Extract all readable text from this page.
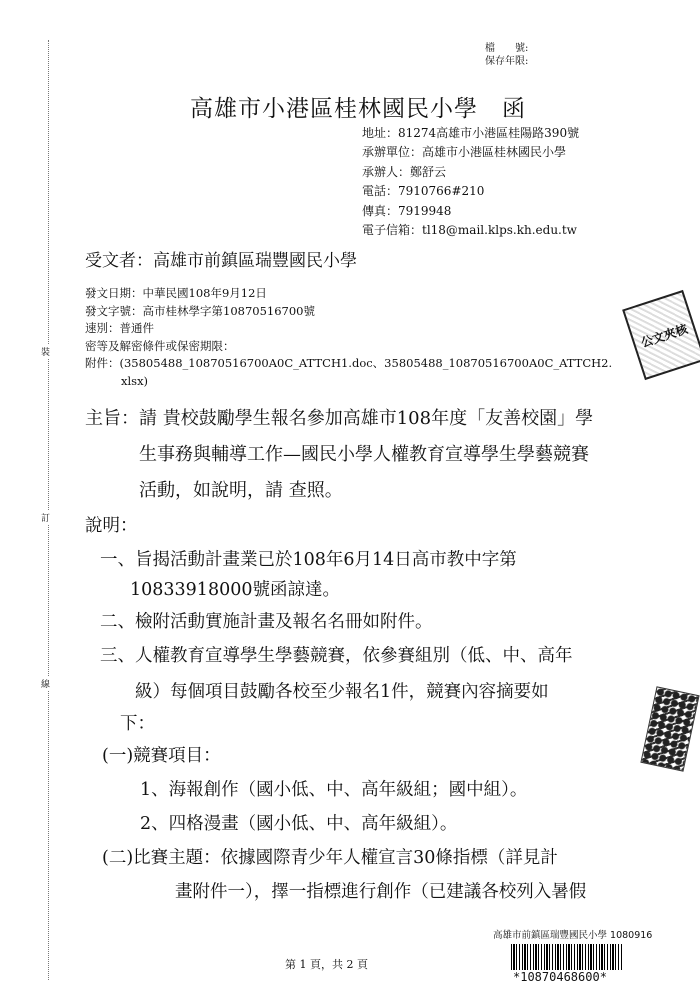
裝
訂
線
檔　　號:
保存年限:
高雄市小港區桂林國民小學　函
地址：81274高雄市小港區桂陽路390號
承辦單位：高雄市小港區桂林國民小學
承辦人：鄭舒云
電話：7910766#210
傳真：7919948
電子信箱：tl18@mail.klps.kh.edu.tw
受文者：高雄市前鎮區瑞豐國民小學
發文日期：中華民國108年9月12日
發文字號：高市桂林學字第10870516700號
速別：普通件
密等及解密條件或保密期限：
附件：(35805488_10870516700A0C_ATTCH1.doc、35805488_10870516700A0C_ATTCH2.
xlsx)
公文夾核
主旨：請 貴校鼓勵學生報名參加高雄市108年度「友善校園」學
生事務與輔導工作—國民小學人權教育宣導學生學藝競賽
活動，如說明，請 查照。
說明：
一、旨揭活動計畫業已於108年6月14日高市教中字第
10833918000號函諒達。
二、檢附活動實施計畫及報名名冊如附件。
三、人權教育宣導學生學藝競賽，依參賽組別（低、中、高年
級）每個項目鼓勵各校至少報名1件，競賽內容摘要如
下：
(一)競賽項目：
1、海報創作（國小低、中、高年級組；國中組）。
2、四格漫畫（國小低、中、高年級組）。
(二)比賽主題：依據國際青少年人權宣言30條指標（詳見計
畫附件一），擇一指標進行創作（已建議各校列入暑假
高雄市前鎮區瑞豐國民小學 1080916
第 1 頁，共 2 頁
*10870468600*
